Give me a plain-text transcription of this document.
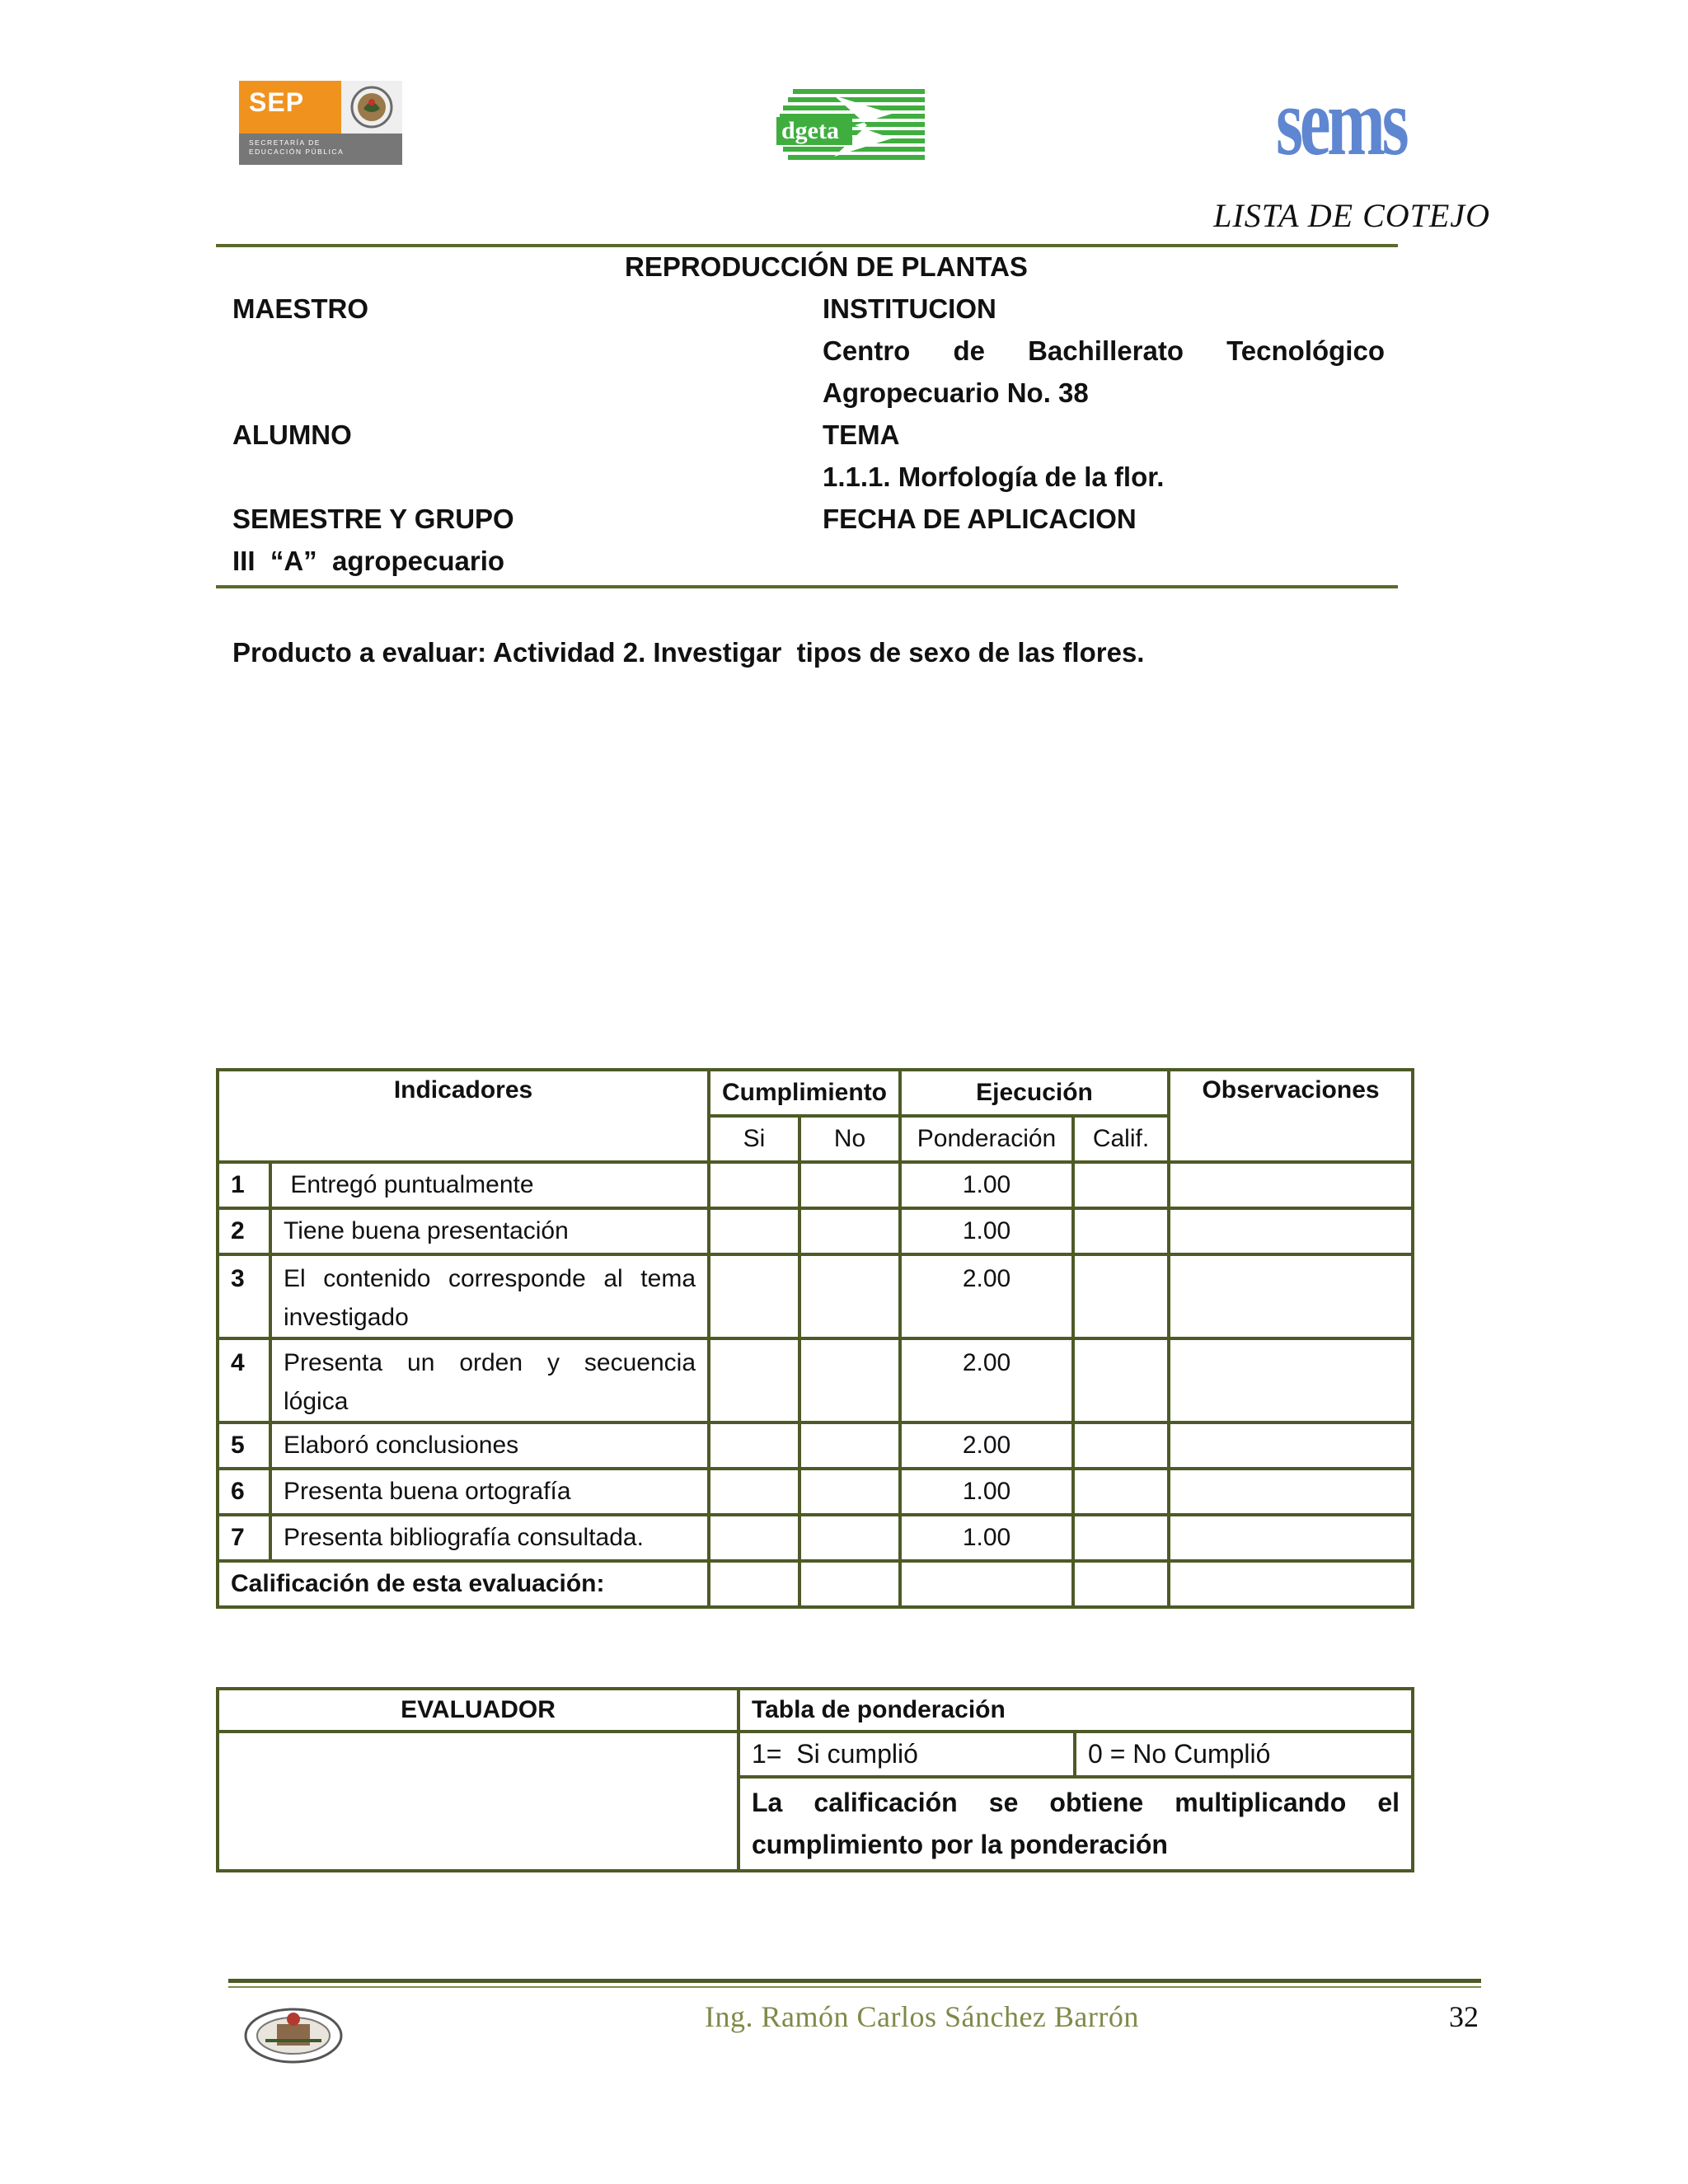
SEP
SECRETARÍA DE
EDUCACIÓN PÚBLICA
dgeta	sems
LISTA DE COTEJO
REPRODUCCIÓN DE PLANTAS
MAESTRO	INSTITUCION
Centro de Bachillerato Tecnológico
Agropecuario No. 38
ALUMNO	TEMA
1.1.1. Morfología de la flor.
SEMESTRE Y GRUPO	FECHA DE APLICACION
III  “A”  agropecuario
Producto a evaluar: Actividad 2. Investigar  tipos de sexo de las flores.
Indicadores		Cumplimiento		Ejecución		Observaciones
		Si	No	Ponderación	Calif.	
1	Entregó puntualmente			1.00		
2	Tiene buena presentación			1.00		
3	El contenido corresponde al tema investigado			2.00		
4	Presenta un orden y secuencia lógica			2.00		
5	Elaboró conclusiones			2.00		
6	Presenta buena ortografía			1.00		
7	Presenta bibliografía consultada.			1.00		
Calificación de esta evaluación:						
EVALUADOR	Tabla de ponderación	
	1=  Si cumplió	0 = No Cumplió
	La calificación se obtiene multiplicando el cumplimiento por la ponderación	
Ing. Ramón Carlos Sánchez Barrón	32
